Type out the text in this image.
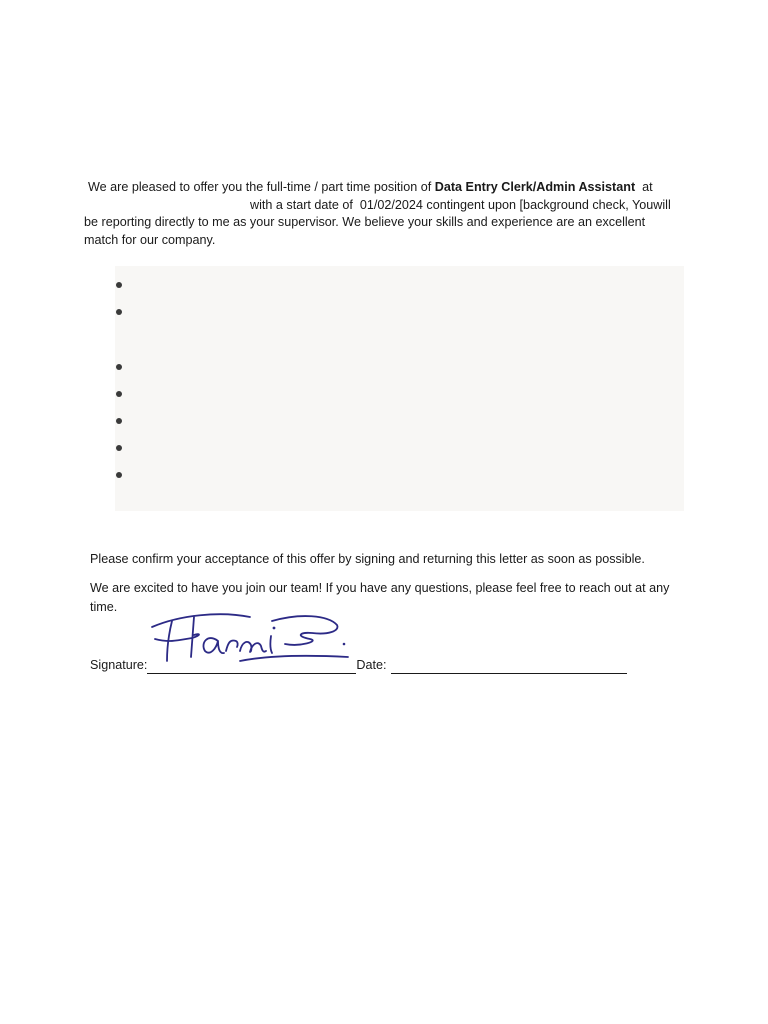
We are pleased to offer you the full-time / part time position of Data Entry Clerk/Admin Assistant  at
with a start date of  01/02/2024 contingent upon [background check, Youwill
be reporting directly to me as your supervisor. We believe your skills and experience are an excellent
match for our company.
Please confirm your acceptance of this offer by signing and returning this letter as soon as possible.
We are excited to have you join our team! If you have any questions, please feel free to reach out at any time.
Signature:	Date:
